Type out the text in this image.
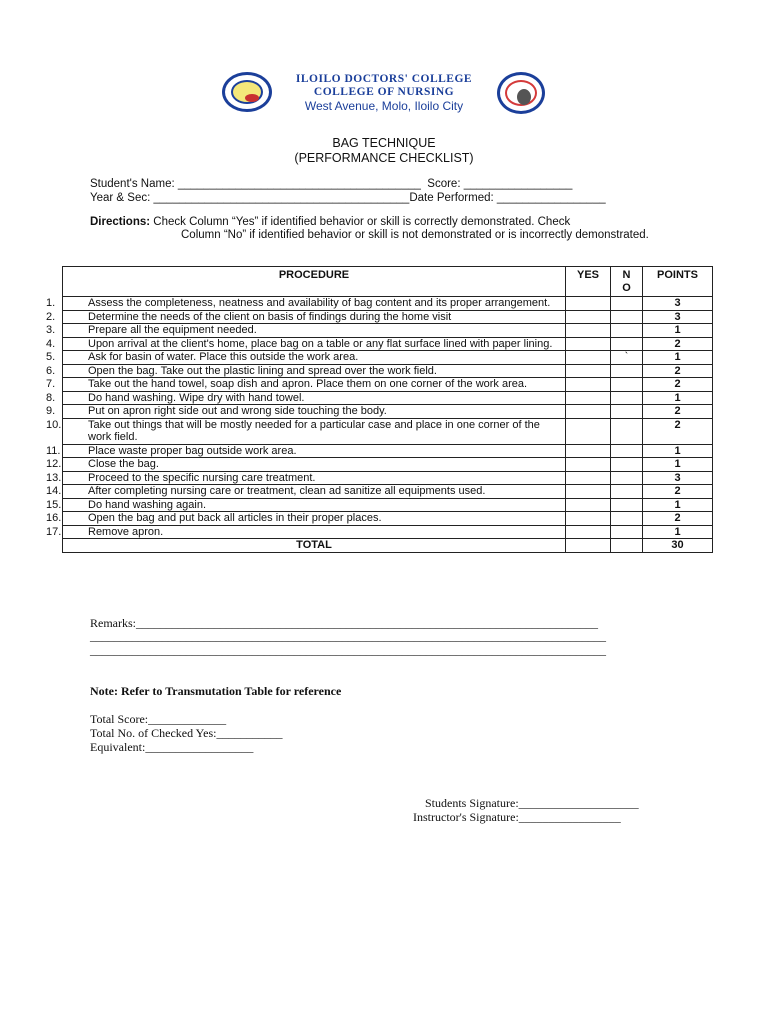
ILOILO DOCTORS' COLLEGE
COLLEGE OF NURSING
West Avenue, Molo, Iloilo City
BAG TECHNIQUE
(PERFORMANCE CHECKLIST)
Student's Name: ______________________________________  Score: _________________
Year & Sec: ________________________________________Date Performed: _________________
Directions: Check Column “Yes” if identified behavior or skill is correctly demonstrated. Check
Column “No” if identified behavior or skill is not demonstrated or is incorrectly demonstrated.
PROCEDURE	YES	N O	POINTS

1. Assess the completeness, neatness and availability of bag content and its proper arrangement.			3

2. Determine the needs of the client on basis of findings during the home visit			3

3. Prepare all the equipment needed.			1

4. Upon arrival at the client's home, place bag on a table or any flat surface lined with paper lining.			2

5. Ask for basin of water. Place this outside the work area.		`	1

6. Open the bag. Take out the plastic lining and spread over the work field.			2

7. Take out the hand towel, soap dish and apron. Place them on one corner of the work area.			2

8. Do hand washing. Wipe dry with hand towel.			1

9. Put on apron right side out and wrong side touching the body.			2

10. Take out things that will be mostly needed for a particular case and place in one corner of the work field.			2

11. Place waste proper bag outside work area.			1

12. Close the bag.			1

13. Proceed to the specific nursing care treatment.			3

14. After completing nursing care or treatment, clean ad sanitize all equipments used.			2

15. Do hand washing again.			1

16. Open the bag and put back all articles in their proper places.			2

17. Remove apron.			1
TOTAL			30
Remarks:_____________________________________________________________________________
______________________________________________________________________________________
______________________________________________________________________________________
Note: Refer to Transmutation Table for reference
Total Score:_____________
Total No. of Checked Yes:___________
Equivalent:__________________
Students Signature:____________________
Instructor's Signature:_________________
